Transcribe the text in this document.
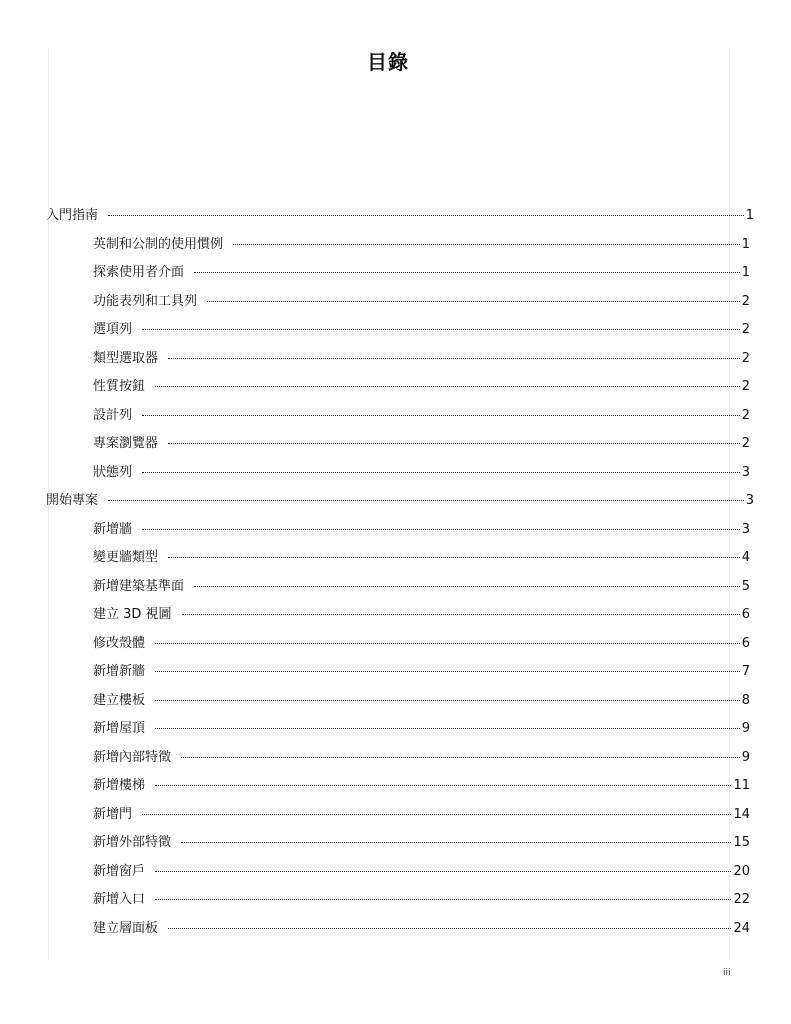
目錄
入門指南	1
英制和公制的使用慣例	1
探索使用者介面	1
功能表列和工具列	2
選項列	2
類型選取器	2
性質按鈕	2
設計列	2
專案瀏覽器	2
狀態列	3
開始專案	3
新增牆	3
變更牆類型	4
新增建築基準面	5
建立 3D 視圖	6
修改殼體	6
新增新牆	7
建立樓板	8
新增屋頂	9
新增內部特徵	9
新增樓梯	11
新增門	14
新增外部特徵	15
新增窗戶	20
新增入口	22
建立層面板	24
iii
